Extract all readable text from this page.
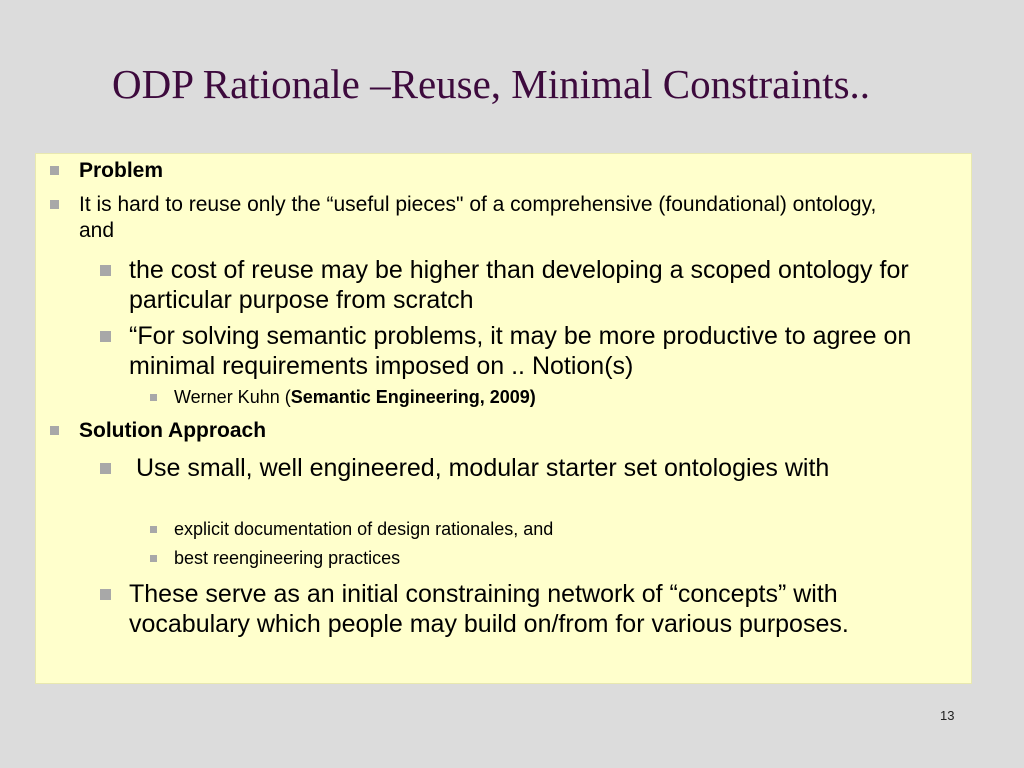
ODP Rationale –Reuse, Minimal Constraints..
Problem
It is hard to reuse only the “useful pieces" of a comprehensive (foundational) ontology, and
the cost of reuse may be higher than developing a scoped ontology for particular purpose from scratch
“For solving semantic problems, it may be more productive to agree on minimal requirements imposed on .. Notion(s)
Werner Kuhn (Semantic Engineering, 2009)
Solution Approach
Use small, well engineered, modular starter set ontologies with
explicit documentation of design rationales, and
best reengineering practices
These serve as an initial constraining network of “concepts” with vocabulary which people may build on/from for various purposes.
13
